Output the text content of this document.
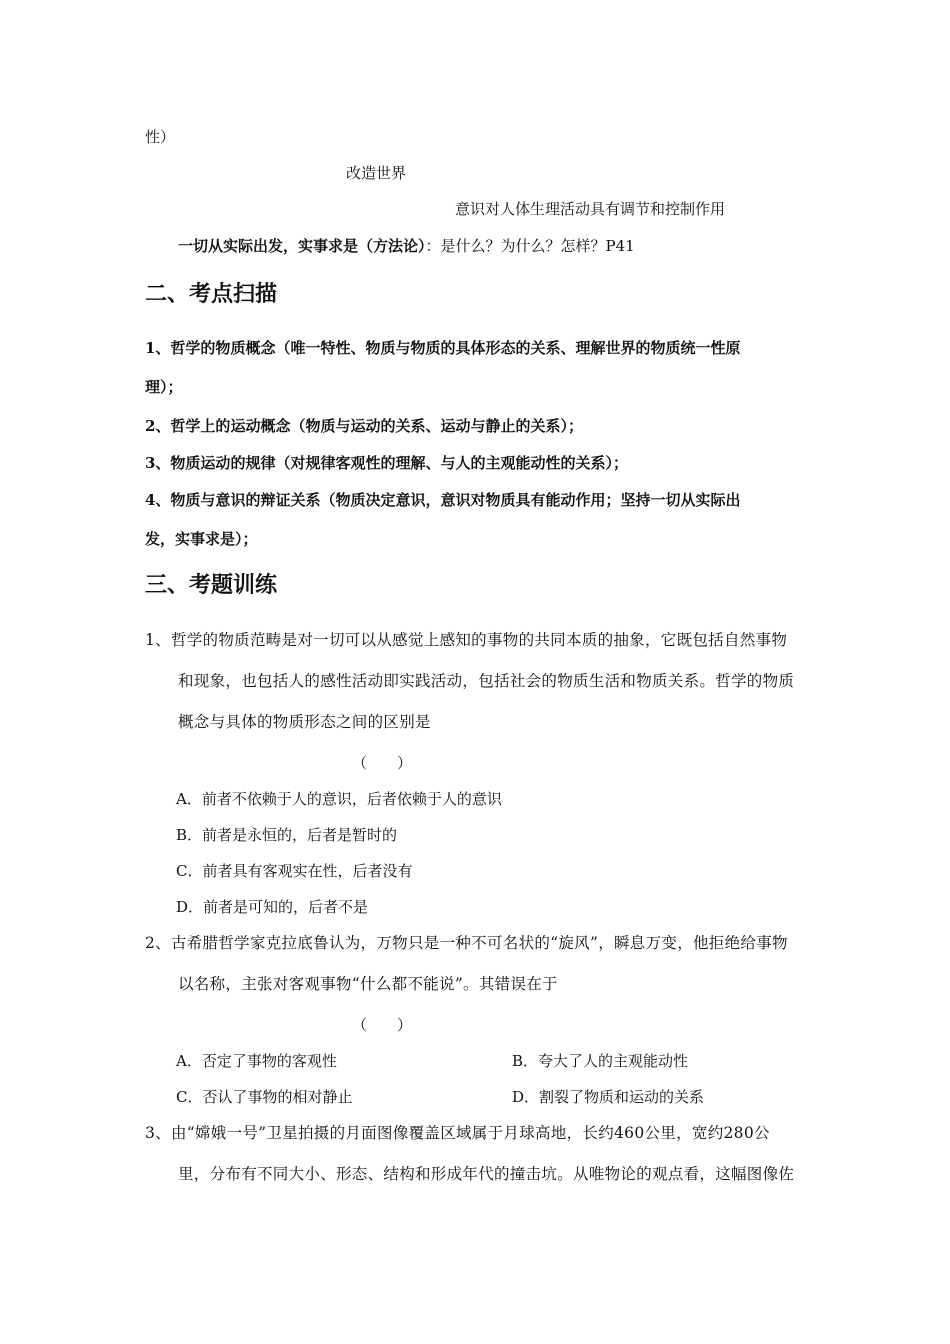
性）
改造世界
意识对人体生理活动具有调节和控制作用
一切从实际出发，实事求是（方法论）：是什么？为什么？怎样？P41
二、考点扫描
1、哲学的物质概念（唯一特性、物质与物质的具体形态的关系、理解世界的物质统一性原
理）；
2、哲学上的运动概念（物质与运动的关系、运动与静止的关系）；
3、物质运动的规律（对规律客观性的理解、与人的主观能动性的关系）；
4、物质与意识的辩证关系（物质决定意识，意识对物质具有能动作用；坚持一切从实际出
发，实事求是）；
三、考题训练
1、哲学的物质范畴是对一切可以从感觉上感知的事物的共同本质的抽象，它既包括自然事物
和现象，也包括人的感性活动即实践活动，包括社会的物质生活和物质关系。哲学的物质
概念与具体的物质形态之间的区别是
（　　）
A．前者不依赖于人的意识，后者依赖于人的意识
B．前者是永恒的，后者是暂时的
C．前者具有客观实在性，后者没有
D．前者是可知的，后者不是
2、古希腊哲学家克拉底鲁认为，万物只是一种不可名状的“旋风”，瞬息万变，他拒绝给事物
以名称，主张对客观事物“什么都不能说”。其错误在于
（　　）
A．否定了事物的客观性	B．夸大了人的主观能动性
C．否认了事物的相对静止	D．割裂了物质和运动的关系
3、由“嫦娥一号”卫星拍摄的月面图像覆盖区域属于月球高地，长约460公里，宽约280公
里，分布有不同大小、形态、结构和形成年代的撞击坑。从唯物论的观点看，这幅图像佐
